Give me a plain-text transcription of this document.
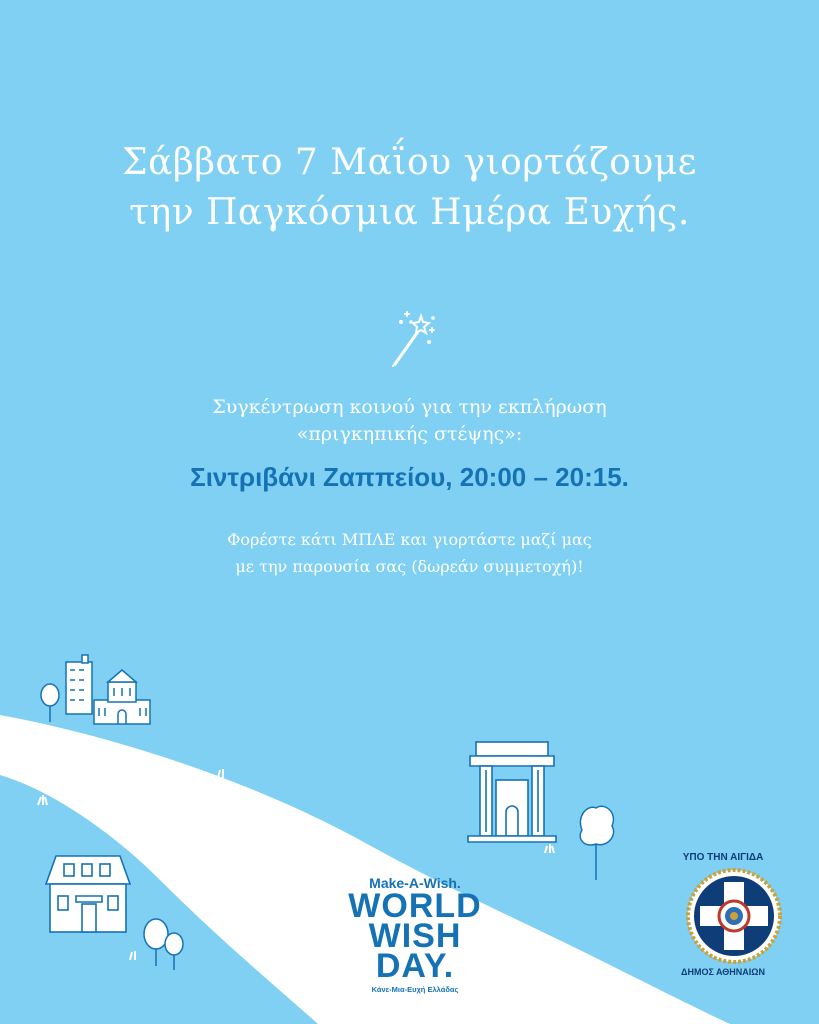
Σάββατο 7 Μαΐου γιορτάζουμε
την Παγκόσμια Ημέρα Ευχής.
Συγκέντρωση κοινού για την εκπλήρωση
«πριγκηπικής στέψης»:
Σιντριβάνι Ζαππείου, 20:00 – 20:15.
Φορέστε κάτι ΜΠΛΕ και γιορτάστε μαζί μας
με την παρουσία σας (δωρεάν συμμετοχή)!
Make-A-Wish.
WORLD
WISH DAY.
Κάνε-Μια-Ευχή Ελλάδας
ΥΠΟ ΤΗΝ ΑΙΓΙΔΑ
ΔΗΜΟΣ ΑΘΗΝΑΙΩΝ
